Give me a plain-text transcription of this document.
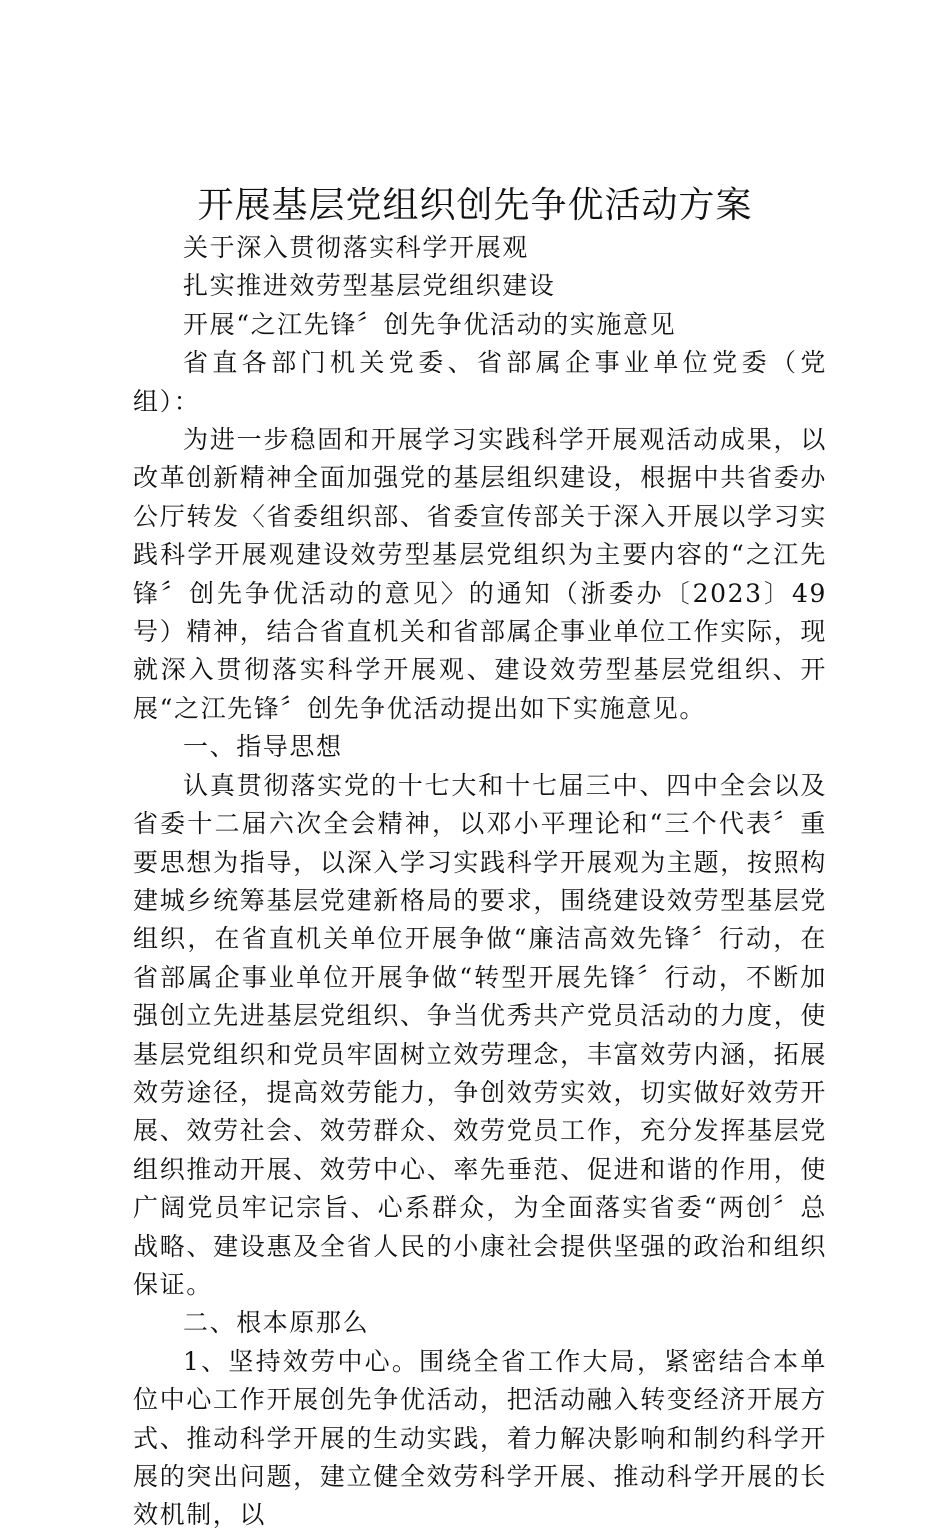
开展基层党组织创先争优活动方案

关于深入贯彻落实科学开展观

扎实推进效劳型基层党组织建设

开展“之江先锋〞创先争优活动的实施意见

省直各部门机关党委、省部属企事业单位党委（党组）：

为进一步稳固和开展学习实践科学开展观活动成果，以改革创新精神全面加强党的基层组织建设，根据中共省委办公厅转发〈省委组织部、省委宣传部关于深入开展以学习实践科学开展观建设效劳型基层党组织为主要内容的“之江先锋〞创先争优活动的意见〉的通知（浙委办〔2023〕49号）精神，结合省直机关和省部属企事业单位工作实际，现就深入贯彻落实科学开展观、建设效劳型基层党组织、开展“之江先锋〞创先争优活动提出如下实施意见。

一、指导思想

认真贯彻落实党的十七大和十七届三中、四中全会以及省委十二届六次全会精神，以邓小平理论和“三个代表〞重要思想为指导，以深入学习实践科学开展观为主题，按照构建城乡统筹基层党建新格局的要求，围绕建设效劳型基层党组织，在省直机关单位开展争做“廉洁高效先锋〞行动，在省部属企事业单位开展争做“转型开展先锋〞行动，不断加强创立先进基层党组织、争当优秀共产党员活动的力度，使基层党组织和党员牢固树立效劳理念，丰富效劳内涵，拓展效劳途径，提高效劳能力，争创效劳实效，切实做好效劳开展、效劳社会、效劳群众、效劳党员工作，充分发挥基层党组织推动开展、效劳中心、率先垂范、促进和谐的作用，使广阔党员牢记宗旨、心系群众，为全面落实省委“两创〞总战略、建设惠及全省人民的小康社会提供坚强的政治和组织保证。

二、根本原那么

1、坚持效劳中心。围绕全省工作大局，紧密结合本单位中心工作开展创先争优活动，把活动融入转变经济开展方式、推动科学开展的生动实践，着力解决影响和制约科学开展的突出问题，建立健全效劳科学开展、推动科学开展的长效机制，以
